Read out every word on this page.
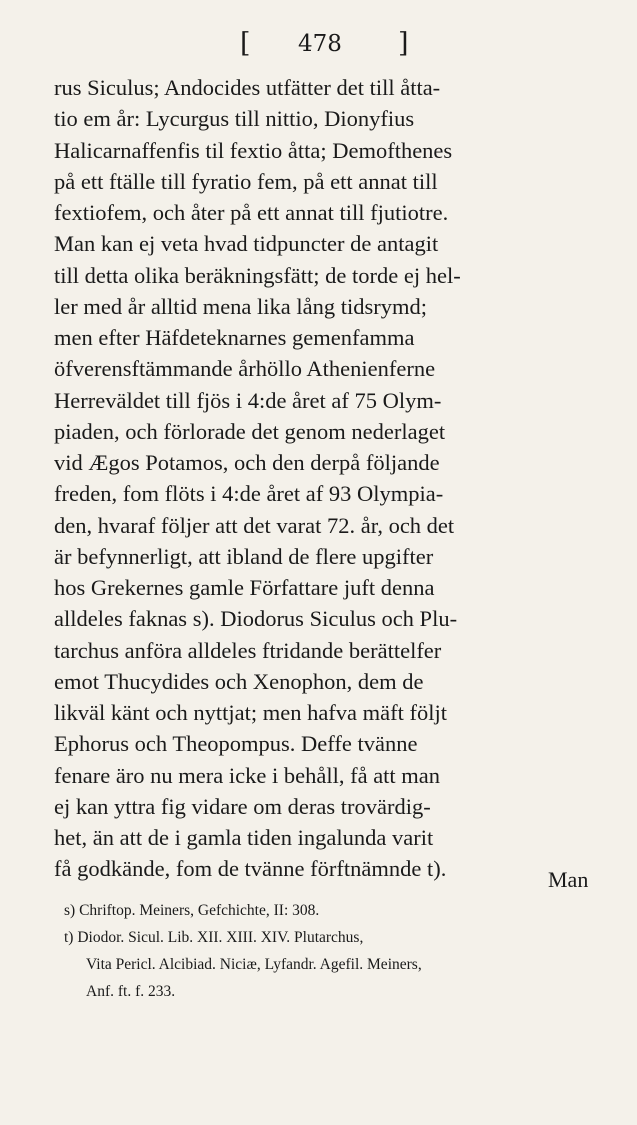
[ 478 ]
rus Siculus; Andocides utfätter det till åtta-
tio em år: Lycurgus till nittio, Dionyfius
Halicarnaffenfis til fextio åtta; Demofthenes
på ett ftälle till fyratio fem, på ett annat till
fextiofem, och åter på ett annat till fjutiotre.
Man kan ej veta hvad tidpuncter de antagit
till detta olika beräkningsfätt; de torde ej hel-
ler med år alltid mena lika lång tidsrymd;
men efter Häfdeteknarnes gemenfamma
öfverensftämmande århöllo Athenienferne
Herreväldet till fjös i 4:de året af 75 Olym-
piaden, och förlorade det genom nederlaget
vid Ægos Potamos, och den derpå följande
freden, fom flöts i 4:de året af 93 Olympia-
den, hvaraf följer att det varat 72. år, och det
är befynnerligt, att ibland de flere upgifter
hos Grekernes gamle Författare juft denna
alldeles faknas s). Diodorus Siculus och Plu-
tarchus anföra alldeles ftridande berättelfer
emot Thucydides och Xenophon, dem de
likväl känt och nyttjat; men hafva mäft följt
Ephorus och Theopompus. Deffe tvänne
fenare äro nu mera icke i behåll, få att man
ej kan yttra fig vidare om deras trovärdig-
het, än att de i gamla tiden ingalunda varit
få godkände, fom de tvänne förftnämnde t).	Man
s) Chriftop. Meiners, Gefchichte, II: 308.
t) Diodor. Sicul. Lib. XII. XIII. XIV. Plutarchus,
Vita Pericl. Alcibiad. Niciæ, Lyfandr. Agefil. Meiners,
Anf. ft. f. 233.
